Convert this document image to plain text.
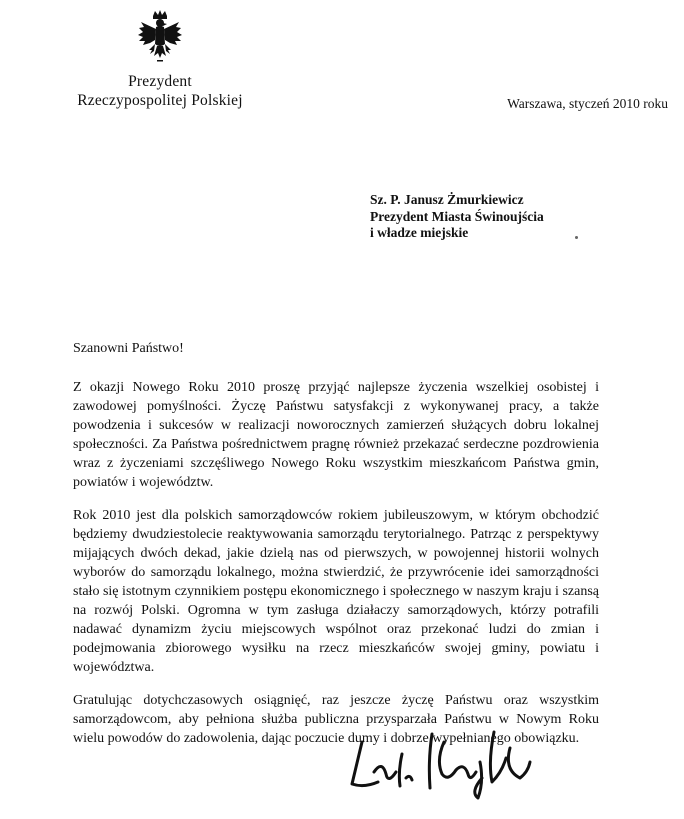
Prezydent
Rzeczypospolitej Polskiej	Warszawa, styczeń 2010 roku
Sz. P. Janusz Żmurkiewicz
Prezydent Miasta Świnoujścia
i władze miejskie
Szanowni Państwo!

Z okazji Nowego Roku 2010 proszę przyjąć najlepsze życzenia wszelkiej osobistej i zawodowej pomyślności. Życzę Państwu satysfakcji z wykonywanej pracy, a także powodzenia i sukcesów w realizacji noworocznych zamierzeń służących dobru lokalnej społeczności. Za Państwa pośrednictwem pragnę również przekazać serdeczne pozdrowienia wraz z życzeniami szczęśliwego Nowego Roku wszystkim mieszkańcom Państwa gmin, powiatów i województw.

Rok 2010 jest dla polskich samorządowców rokiem jubileuszowym, w którym obchodzić będziemy dwudziestolecie reaktywowania samorządu terytorialnego. Patrząc z perspektywy mijających dwóch dekad, jakie dzielą nas od pierwszych, w powojennej historii wolnych wyborów do samorządu lokalnego, można stwierdzić, że przywrócenie idei samorządności stało się istotnym czynnikiem postępu ekonomicznego i społecznego w naszym kraju i szansą na rozwój Polski. Ogromna w tym zasługa działaczy samorządowych, którzy potrafili nadawać dynamizm życiu miejscowych wspólnot oraz przekonać ludzi do zmian i podejmowania zbiorowego wysiłku na rzecz mieszkańców swojej gminy, powiatu i województwa.

Gratulując dotychczasowych osiągnięć, raz jeszcze życzę Państwu oraz wszystkim samorządowcom, aby pełniona służba publiczna przysparzała Państwu w Nowym Roku wielu powodów do zadowolenia, dając poczucie dumy i dobrze wypełnianego obowiązku.
